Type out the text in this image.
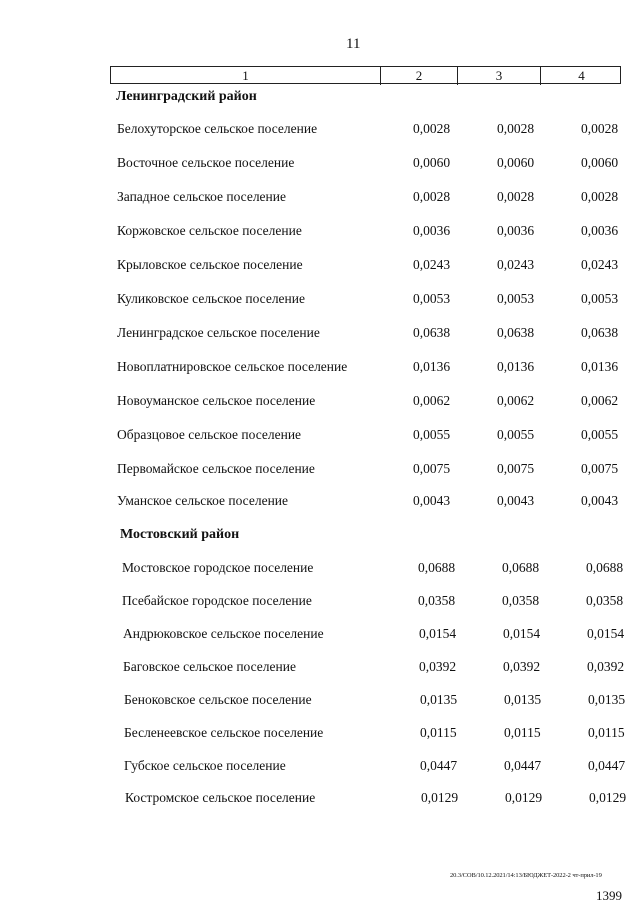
11
1	2	3	4
Ленинградский район
Белохуторское сельское поселение	0,0028	0,0028	0,0028
Восточное сельское поселение	0,0060	0,0060	0,0060
Западное сельское поселение	0,0028	0,0028	0,0028
Коржовское сельское поселение	0,0036	0,0036	0,0036
Крыловское сельское поселение	0,0243	0,0243	0,0243
Куликовское сельское поселение	0,0053	0,0053	0,0053
Ленинградское сельское поселение	0,0638	0,0638	0,0638
Новоплатнировское сельское поселение	0,0136	0,0136	0,0136
Новоуманское сельское поселение	0,0062	0,0062	0,0062
Образцовое сельское поселение	0,0055	0,0055	0,0055
Первомайское сельское поселение	0,0075	0,0075	0,0075
Уманское сельское поселение	0,0043	0,0043	0,0043
Мостовский район
Мостовское городское поселение	0,0688	0,0688	0,0688
Псебайское городское поселение	0,0358	0,0358	0,0358
Андрюковское сельское поселение	0,0154	0,0154	0,0154
Баговское сельское поселение	0,0392	0,0392	0,0392
Беноковское сельское поселение	0,0135	0,0135	0,0135
Бесленеевское сельское поселение	0,0115	0,0115	0,0115
Губское сельское поселение	0,0447	0,0447	0,0447
Костромское сельское поселение	0,0129	0,0129	0,0129
20.3/СОВ/10.12.2021/14:13/БЮДЖЕТ-2022-2 чт-прил-19
1399
